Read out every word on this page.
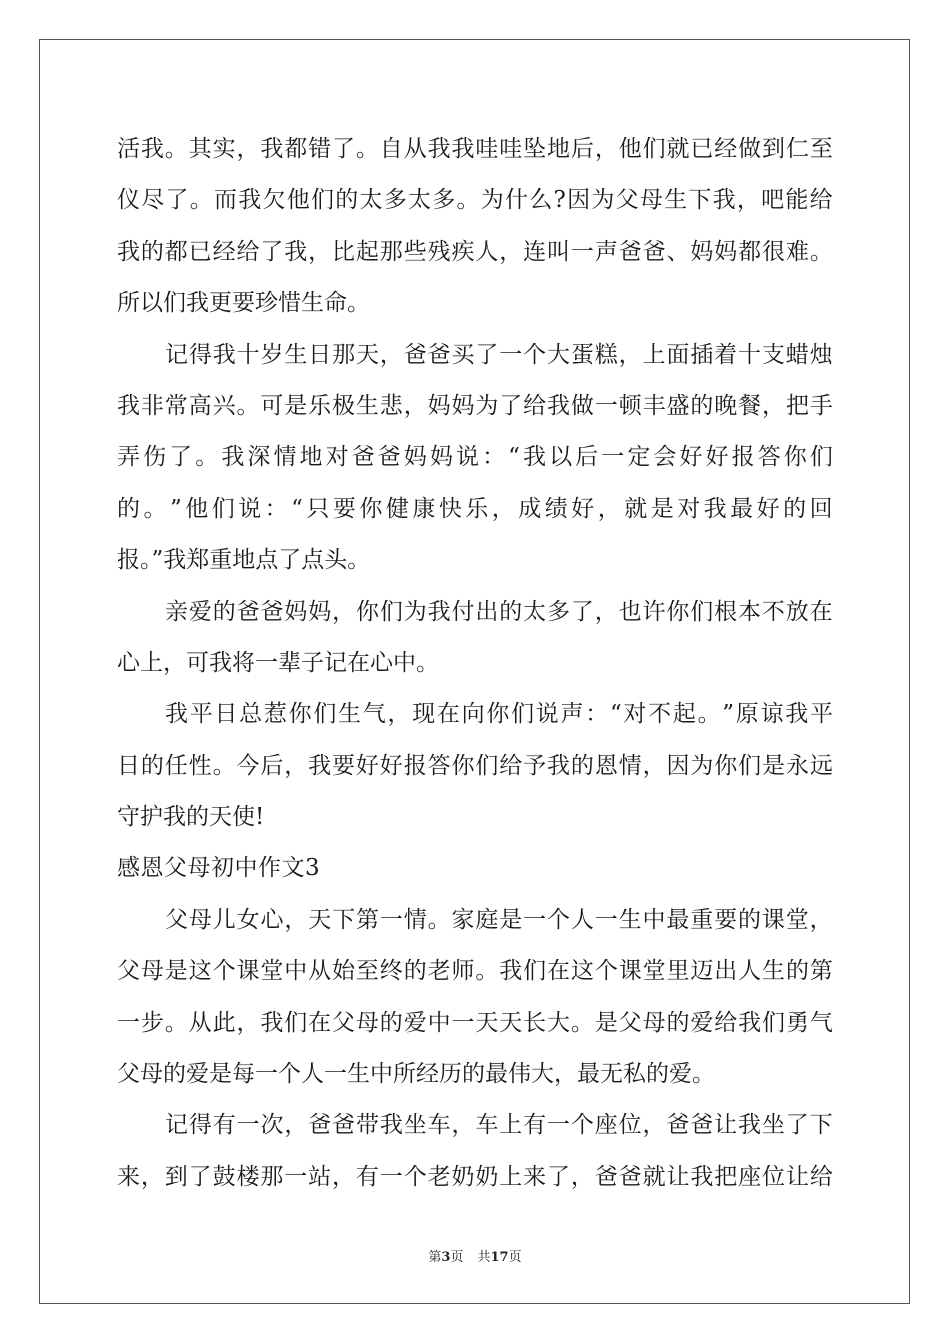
活 我 。 其 实 ， 我 都 错 了 。 自 从 我 我 哇 哇 坠 地 后 ， 他 们 就 已 经 做 到 仁 至
仪 尽 了 。 而 我 欠 他 们 的 太 多 太 多 。 为 什 么 ? 因 为 父 母 生 下 我 ， 吧 能 给
我 的 都 已 经 给 了 我 ， 比 起 那 些 残 疾 人 ， 连 叫 一 声 爸 爸 、 妈 妈 都 很 难 。
所以们我更要珍惜生命。
记 得 我 十 岁 生 日 那 天 ， 爸 爸 买 了 一 个 大 蛋 糕 ， 上 面 插 着 十 支 蜡 烛
我 非 常 高 兴 。 可 是 乐 极 生 悲 ， 妈 妈 为 了 给 我 做 一 顿 丰 盛 的 晚 餐 ， 把 手
弄 伤 了 。 我 深 情 地 对 爸 爸 妈 妈 说 ： “ 我 以 后 一 定 会 好 好 报 答 你 们
的 。 ” 他 们 说 ： “ 只 要 你 健 康 快 乐 ， 成 绩 好 ， 就 是 对 我 最 好 的 回
报。”我郑重地点了点头。
亲 爱 的 爸 爸 妈 妈 ， 你 们 为 我 付 出 的 太 多 了 ， 也 许 你 们 根 本 不 放 在
心上，可我将一辈子记在心中。
我 平 日 总 惹 你 们 生 气 ， 现 在 向 你 们 说 声 ： “ 对 不 起 。 ” 原 谅 我 平
日 的 任 性 。 今 后 ， 我 要 好 好 报 答 你 们 给 予 我 的 恩 情 ， 因 为 你 们 是 永 远
守护我的天使!
感恩父母初中作文3
父 母 儿 女 心 ， 天 下 第 一 情 。 家 庭 是 一 个 人 一 生 中 最 重 要 的 课 堂 ，
父 母 是 这 个 课 堂 中 从 始 至 终 的 老 师 。 我 们 在 这 个 课 堂 里 迈 出 人 生 的 第
一 步 。 从 此 ， 我 们 在 父 母 的 爱 中 一 天 天 长 大 。 是 父 母 的 爱 给 我 们 勇 气
父母的爱是每一个人一生中所经历的最伟大，最无私的爱。
记 得 有 一 次 ， 爸 爸 带 我 坐 车 ， 车 上 有 一 个 座 位 ， 爸 爸 让 我 坐 了 下
来 ， 到 了 鼓 楼 那 一 站 ， 有 一 个 老 奶 奶 上 来 了 ， 爸 爸 就 让 我 把 座 位 让 给
第3页 共17页
